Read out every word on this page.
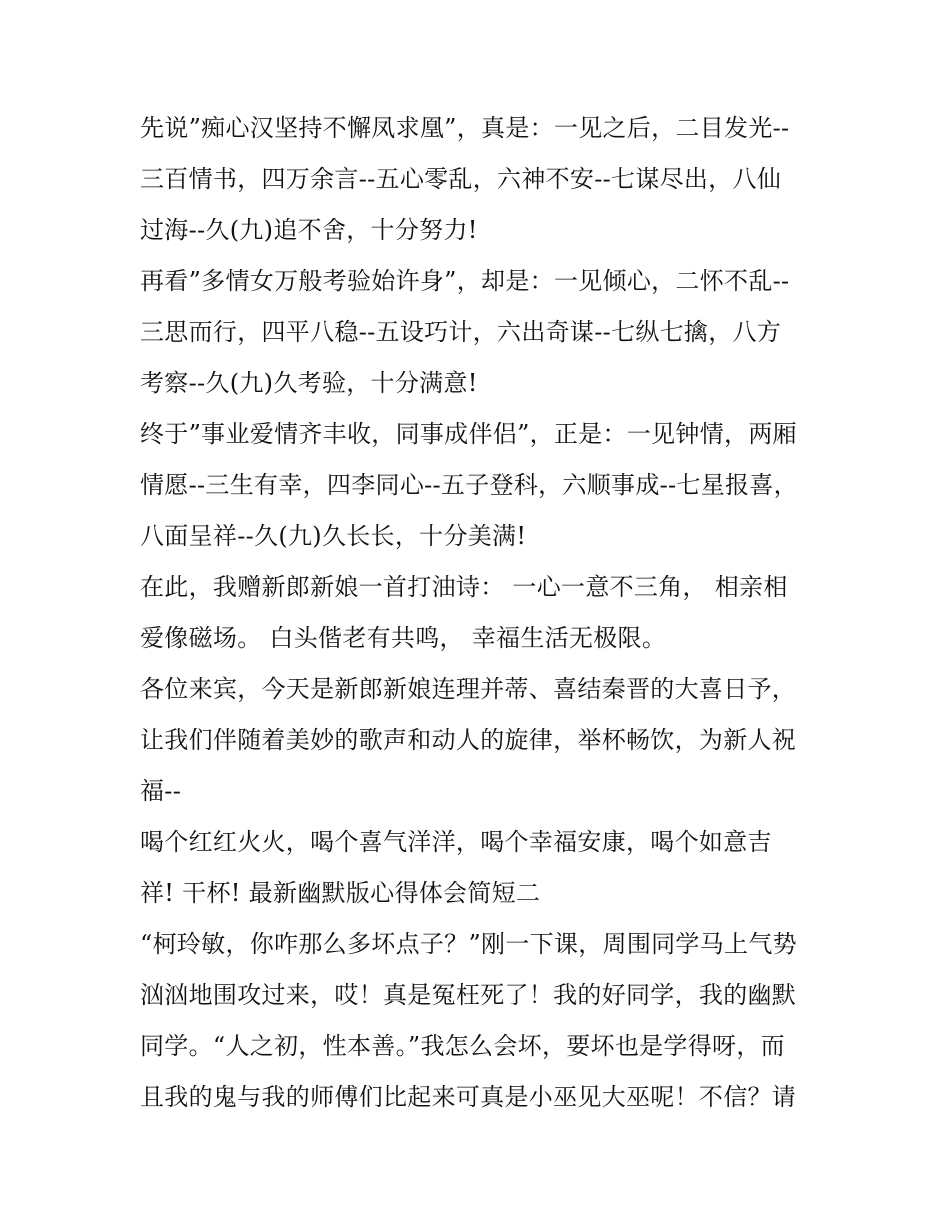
先说”痴心汉坚持不懈凤求凰”，真是：一见之后，二目发光--
三百情书，四万余言--五心零乱，六神不安--七谋尽出，八仙
过海--久(九)追不舍，十分努力!
再看”多情女万般考验始许身”，却是：一见倾心，二怀不乱--
三思而行，四平八稳--五设巧计，六出奇谋--七纵七擒，八方
考察--久(九)久考验，十分满意!
终于”事业爱情齐丰收，同事成伴侣”，正是：一见钟情，两厢
情愿--三生有幸，四李同心--五子登科，六顺事成--七星报喜，
八面呈祥--久(九)久长长，十分美满!
在此，我赠新郎新娘一首打油诗： 一心一意不三角， 相亲相
爱像磁场。 白头偕老有共鸣， 幸福生活无极限。
各位来宾，今天是新郎新娘连理并蒂、喜结秦晋的大喜日予，
让我们伴随着美妙的歌声和动人的旋律，举杯畅饮，为新人祝
福--
喝个红红火火，喝个喜气洋洋，喝个幸福安康，喝个如意吉
祥! 干杯! 最新幽默版心得体会简短二
“柯玲敏，你咋那么多坏点子？”刚一下课，周围同学马上气势
汹汹地围攻过来，哎！真是冤枉死了！我的好同学，我的幽默
同学。“人之初，性本善。”我怎么会坏，要坏也是学得呀，而
且我的鬼与我的师傅们比起来可真是小巫见大巫呢！不信？请
